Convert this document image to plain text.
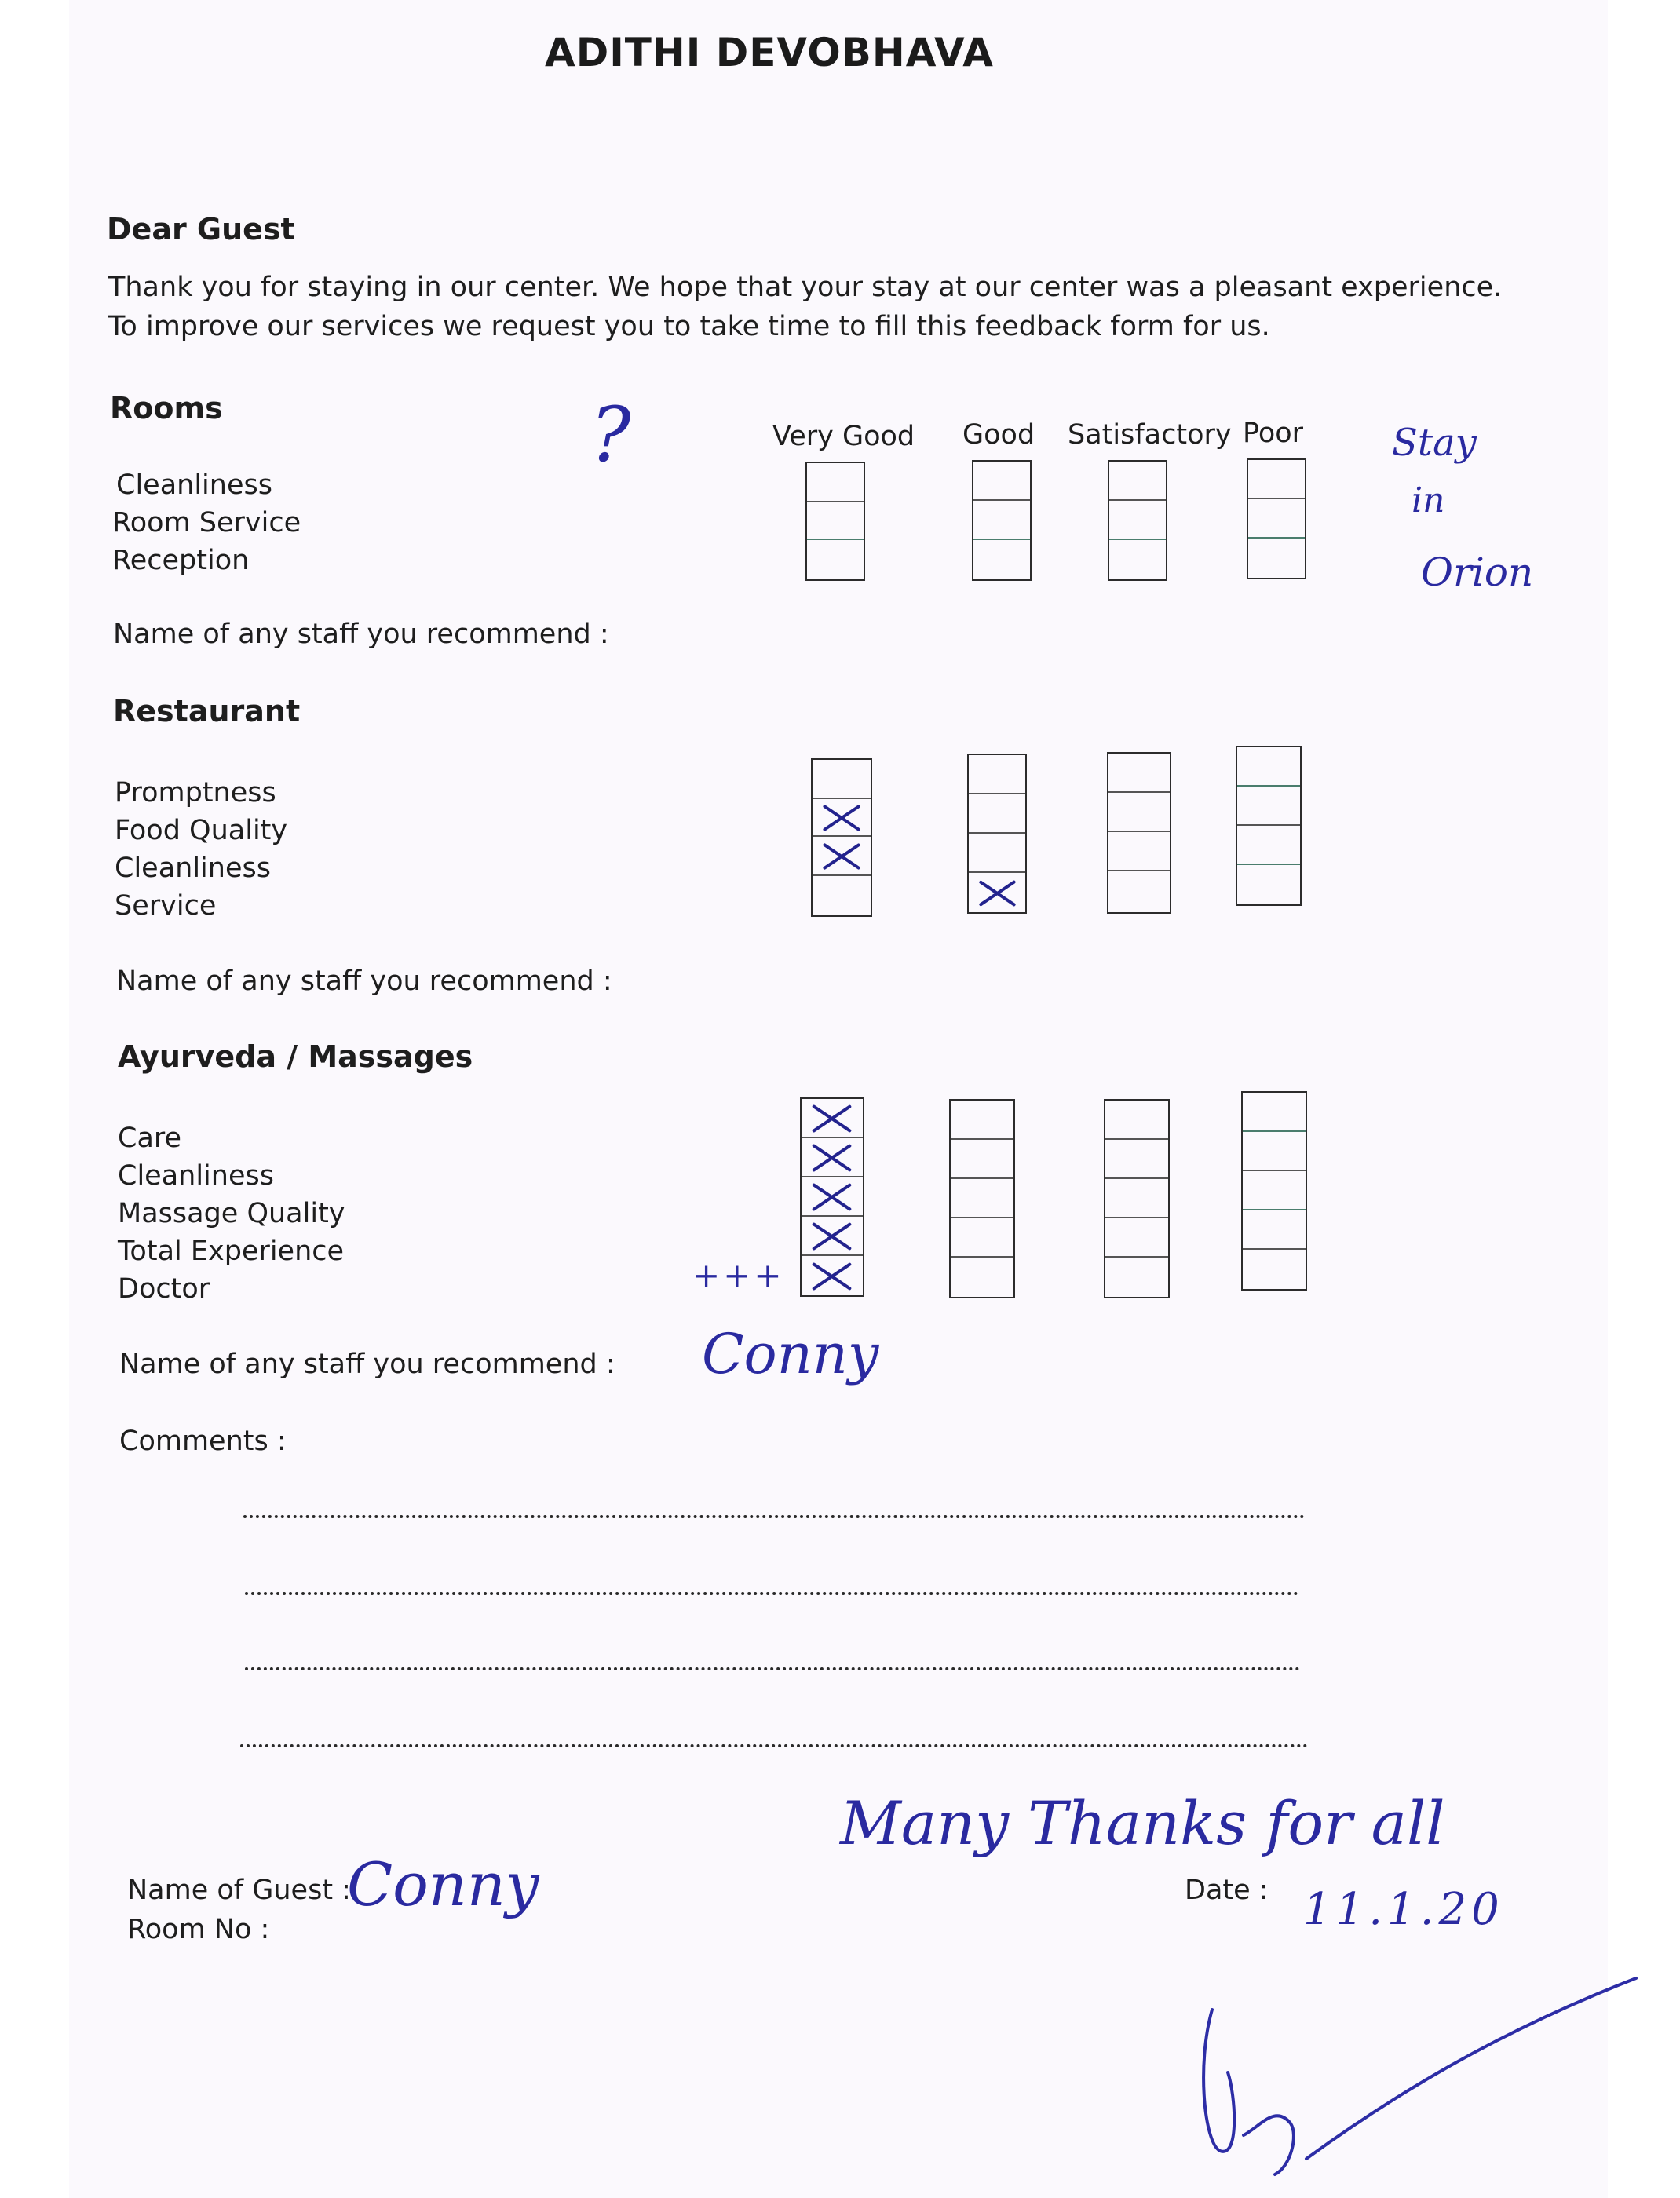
ADITHI DEVOBHAVA
Dear Guest
Thank you for staying in our center. We hope that your stay at our center was a pleasant experience.
To improve our services we request you to take time to fill this feedback form for us.
Rooms
Very Good Good Satisfactory Poor
Cleanliness
Room Service
Reception
Name of any staff you recommend :
?	Stay
in
Orion
Restaurant
Promptness
Food Quality
Cleanliness
Service
Name of any staff you recommend :
Ayurveda / Massages
Care
Cleanliness
Massage Quality
Total Experience
Doctor	+++
Name of any staff you recommend : Conny
Comments :
Many Thanks for all
Name of Guest :
Conny
Room No :
Date : 11.1.20
